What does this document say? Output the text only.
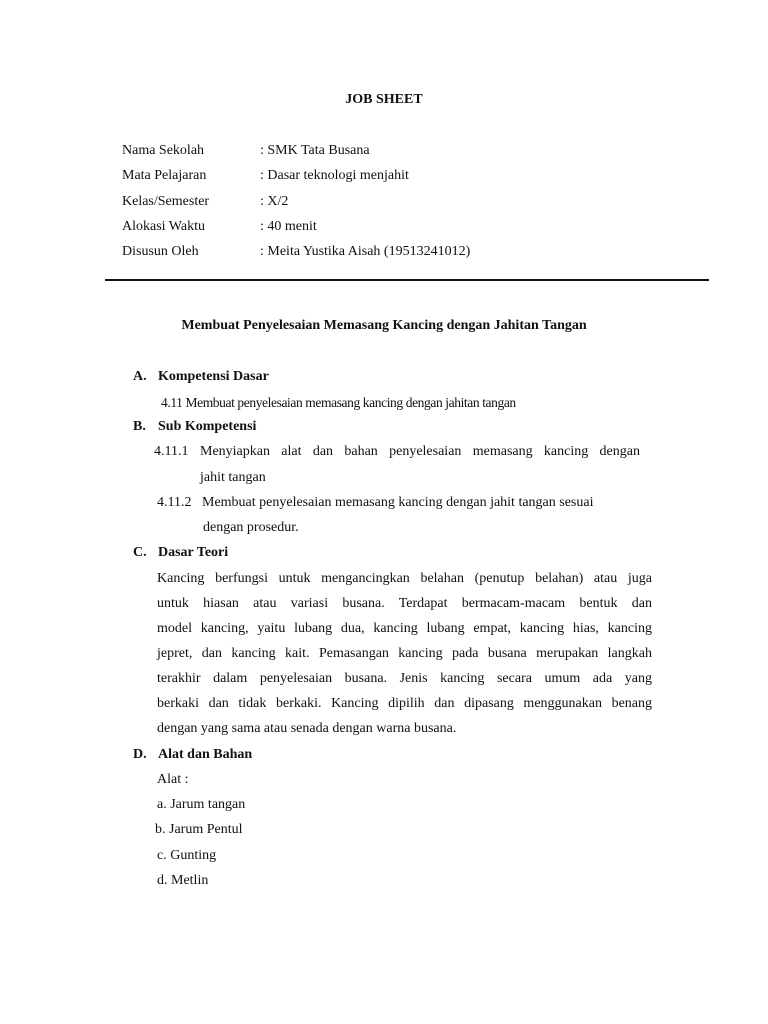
JOB SHEET
Nama Sekolah	: SMK Tata Busana
Mata Pelajaran	: Dasar teknologi menjahit
Kelas/Semester	: X/2
Alokasi Waktu	: 40 menit
Disusun Oleh	: Meita Yustika Aisah (19513241012)
Membuat Penyelesaian Memasang Kancing dengan Jahitan Tangan
A. Kompetensi Dasar
4.11 Membuat penyelesaian memasang kancing dengan jahitan tangan
B. Sub Kompetensi
4.11.1 Menyiapkan alat dan bahan penyelesaian memasang kancing dengan
jahit tangan
4.11.2 Membuat penyelesaian memasang kancing dengan jahit tangan sesuai
dengan prosedur.
C. Dasar Teori
Kancing berfungsi untuk mengancingkan belahan (penutup belahan) atau juga
untuk hiasan atau variasi busana. Terdapat bermacam-macam bentuk dan
model kancing, yaitu lubang dua, kancing lubang empat, kancing hias, kancing
jepret, dan kancing kait. Pemasangan kancing pada busana merupakan langkah
terakhir dalam penyelesaian busana. Jenis kancing secara umum ada yang
berkaki dan tidak berkaki. Kancing dipilih dan dipasang menggunakan benang
dengan yang sama atau senada dengan warna busana.
D. Alat dan Bahan
Alat :
a. Jarum tangan
b. Jarum Pentul
c. Gunting
d. Metlin
